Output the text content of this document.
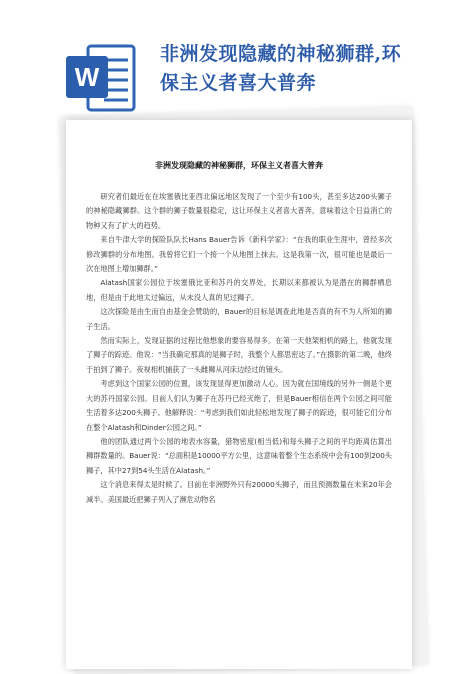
W
非洲发现隐藏的神秘狮群,环
保主义者喜大普奔
非洲发现隐藏的神秘狮群，环保主义者喜大普奔

研究者们最近在在埃塞俄比亚西北偏远地区发现了一个至少有100头，甚至多达200头狮子的神秘隐藏狮群。这个群的狮子数量很稳定，这让环保主义者喜大普奔，意味着这个日益消亡的物种又有了扩大的趋势。

来自牛津大学的探险队队长Hans Bauer告诉《新科学家》：“在我的职业生涯中，曾经多次修改狮群的分布地图。我曾将它们一个接一个从地图上抹去。这是我第一次，很可能也是最后一次在地图上增加狮群。”

Alatash国家公园位于埃塞俄比亚和苏丹的交界处，长期以来都被认为是潜在的狮群栖息地，但是由于此地太过偏远，从未没人真的见过狮子。

这次探险是由生而自由基金会赞助的，Bauer的目标是调查此地是否真的有不为人所知的狮子生活。

然而实际上，发现证据的过程比他想象的要容易得多。在第一天他架相机的路上，他就发现了狮子的踪迹。他说：“当我确定那真的是狮子时，我整个人都思密达了。”在摄影的第二晚，他终于拍到了狮子。夜视相机捕获了一头雌狮从河床边经过的镜头。

考虑到这个国家公园的位置，该发现显得更加激动人心。因为就在国境线的另外一侧是个更大的苏丹国家公园。目前人们认为狮子在苏丹已经灭绝了，但是Bauer相信在两个公园之间可能生活着多达200头狮子。他解释说：“考虑到我们如此轻松地发现了狮子的踪迹，很可能它们分布在整个Alatash和Dinder公园之间。”

他的团队通过两个公园的地表水容量，猎物密度(相当低)和每头狮子之间的平均距离估算出狮群数量的。Bauer说：“总面积是10000平方公里，这意味着整个生态系统中会有100到200头狮子，其中27到54头生活在Alatash。”

这个消息来得太是时候了。目前在非洲野外只有20000头狮子，而且预测数量在未来20年会减半。美国最近把狮子列入了濒危动物名
